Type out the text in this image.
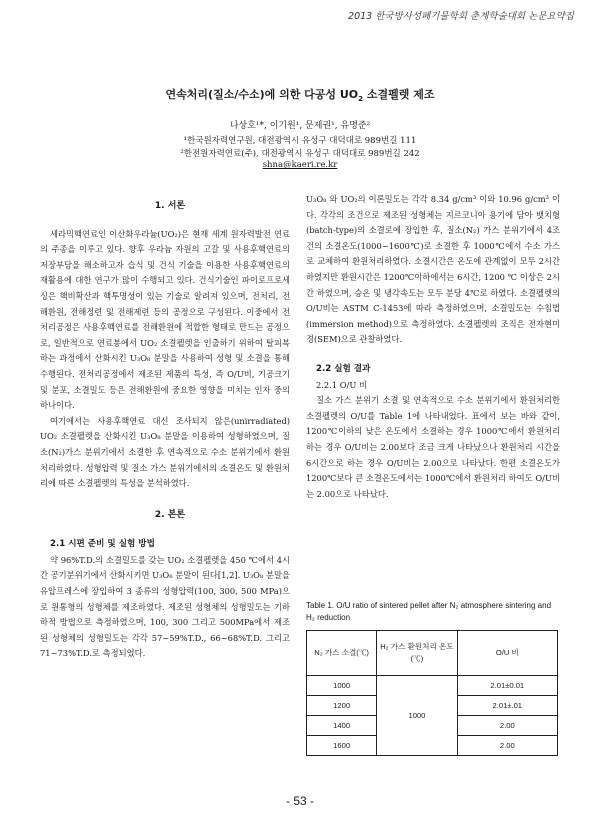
2013 한국방사성폐기물학회 춘계학술대회 논문요약집
연속처리(질소/수소)에 의한 다공성 $UO_2$ 소결펠렛 제조
나상호¹*, 이기원¹, 문제권¹, 유명준²
¹한국원자력연구원, 대전광역시 유성구 대덕대로 989번길 111
²한전원자력연료(주), 대전광역시 유성구 대덕대로 989번길 242
shna@kaeri.re.kr

1. 서론

세라믹핵연료인 이산화우라늄(UO₂)은 현재 세계 원자력발전 연료의 주종을 이루고 있다. 향후 우라늄 자원의 고갈 및 사용후핵연료의 저장부담을 해소하고자 습식 및 건식 기술을 이용한 사용후핵연료의 재활용에 대한 연구가 많이 수행되고 있다. 건식기술인 파이로프로세싱은 핵비확산과 핵투명성이 있는 기술로 알려져 있으며, 전처리, 전해환원, 전해정련 및 전해제련 등의 공정으로 구성된다. 이중에서 전처리공정은 사용후핵연료를 전해환원에 적합한 형태로 만드는 공정으로, 일반적으로 연료봉에서 UO₂ 소결펠렛을 인출하기 위하여 탈피복하는 과정에서 산화시킨 U₃O₈ 분말을 사용하여 성형 및 소결을 통해 수행된다. 전처리공정에서 제조된 제품의 특성, 즉 O/U비, 기공크기 및 분포, 소결밀도 등은 전해환원에 중요한 영향을 미치는 인자 중의 하나이다.

여기에서는 사용후핵연료 대신 조사되지 않은(unirradiated) UO₂ 소결펠렛을 산화시킨 U₃O₈ 분말을 이용하여 성형하였으며, 질소(N₂)가스 분위기에서 소결한 후 연속적으로 수소 분위기에서 환원처리하였다. 성형압력 및 질소 가스 분위기에서의 소결온도 및 환원처리에 따른 소결펠렛의 특성을 분석하였다.

2. 본론

2.1 시편 준비 및 실험 방법

약 96%T.D.의 소결밀도를 갖는 UO₂ 소결펠렛을 450 ℃에서 4시간 공기분위기에서 산화시키면 U₃O₈ 분말이 된다[1,2]. U₃O₈ 분말을 유압프레스에 장입하여 3 종류의 성형압력(100, 300, 500 MPa)으로 원통형의 성형체를 제조하였다. 제조된 성형체의 성형밀도는 기하하적 방법으로 측정하였으며, 100, 300 그리고 500MPa에서 제조된 성형체의 성형밀도는 각각 57~59%T.D., 66~68%T.D. 그리고 71~73%T.D.로 측정되었다.

U₃O₈ 와 UO₂의 이론밀도는 각각 8.34 g/cm³ 이와 10.96 g/cm³ 이다. 각각의 조건으로 제조된 성형체는 지르코니아 용기에 담아 뱃치형(batch-type)의 소결로에 장입한 후, 질소(N₂) 가스 분위기에서 4조건의 소결온도(1000~1600℃)로 소결한 후 1000℃에서 수소 가스로 교체하여 환원처리하였다. 소결시간은 온도에 관계없이 모두 2시간 하였지만 환원시간은 1200℃이하에서는 6시간, 1200 ℃ 이상은 2시간 하였으며, 승온 및 냉각속도는 모두 분당 4℃로 하였다. 소결펠렛의 O/U비는 ASTM C-1453에 따라 측정하였으며, 소결밀도는 수침법 (immersion method)으로 측정하였다. 소결펠렛의 조직은 전자현미경(SEM)으로 관찰하였다.

2.2 실험 결과

2.2.1 O/U 비

질소 가스 분위기 소결 및 연속적으로 수소 분위기에서 환원처리한 소결펠렛의 O/U를 Table 1에 나타내었다. 표에서 보는 바와 같이, 1200℃이하의 낮은 온도에서 소결하는 경우 1000℃에서 환원처리 하는 경우 O/U비는 2.00보다 조금 크게 나타났으나 환원처리 시간을 6시간으로 하는 경우 O/U비는 2.00으로 나타났다. 한편 소결온도가 1200℃보다 큰 소결온도에서는 1000℃에서 환원처리 하여도 O/U비는 2.00으로 나타났다.

Table 1. O/U ratio of sintered pellet after N₂ atmosphere sintering and H₂ reduction
N₂ 가스 소결(℃)	H₂ 가스 환원처리 온도(℃)	O/U 비
1000	1000	2.01±0.01
1200		2.01±.01
1400		2.00
1600		2.00
- 53 -
